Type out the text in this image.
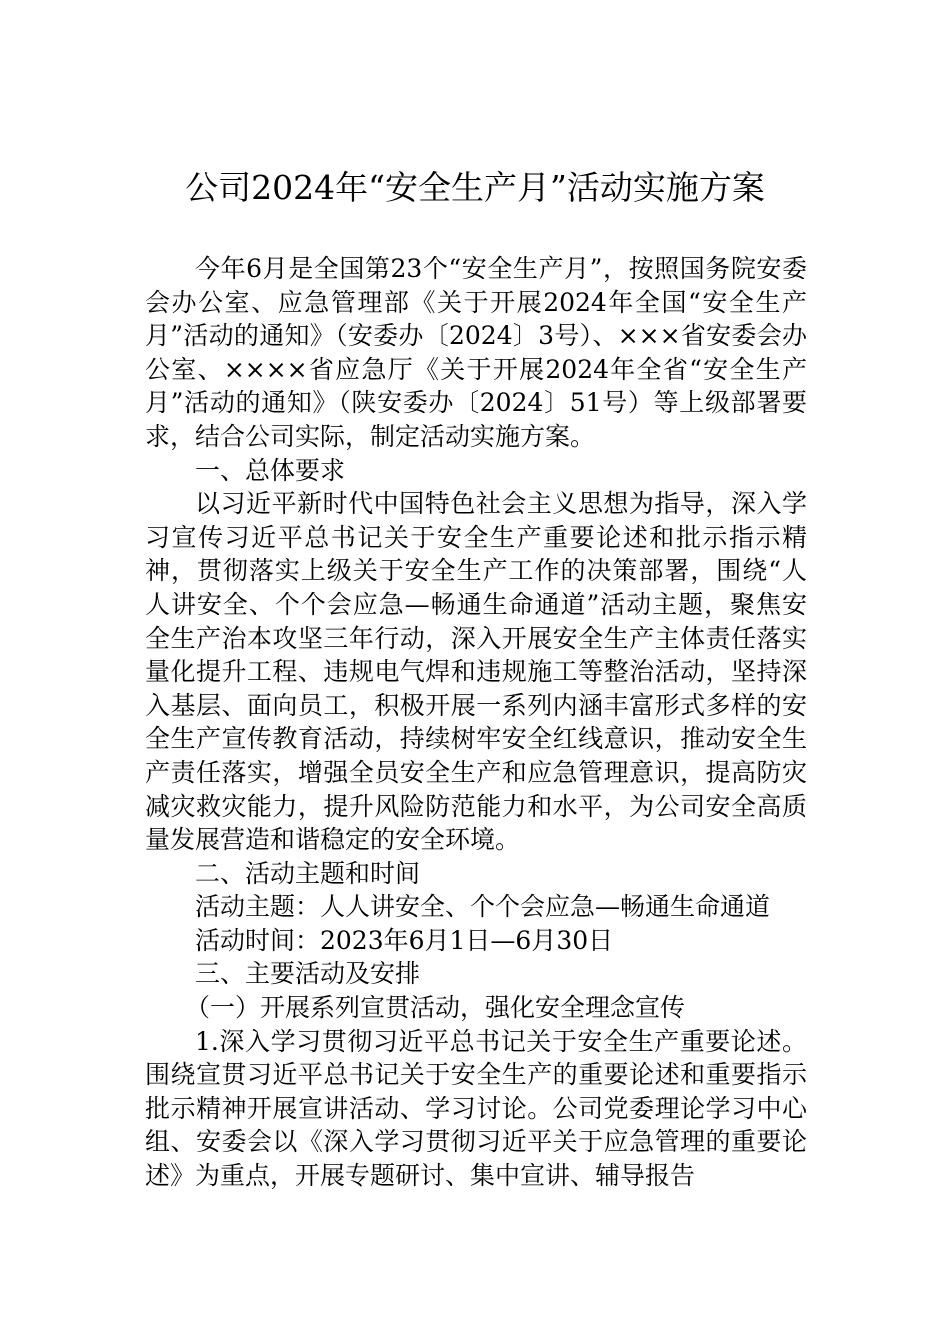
公司2024年“安全生产月”活动实施方案

今年6月是全国第23个“安全生产月”，按照国务院安委会办公室、应急管理部《关于开展2024年全国“安全生产月”活动的通知》（安委办〔2024〕3号）、×××省安委会办公室、××××省应急厅《关于开展2024年全省“安全生产月”活动的通知》（陕安委办〔2024〕51号）等上级部署要求，结合公司实际，制定活动实施方案。

一、总体要求

以习近平新时代中国特色社会主义思想为指导，深入学习宣传习近平总书记关于安全生产重要论述和批示指示精神，贯彻落实上级关于安全生产工作的决策部署，围绕“人人讲安全、个个会应急—畅通生命通道”活动主题，聚焦安全生产治本攻坚三年行动，深入开展安全生产主体责任落实量化提升工程、违规电气焊和违规施工等整治活动，坚持深入基层、面向员工，积极开展一系列内涵丰富形式多样的安全生产宣传教育活动，持续树牢安全红线意识，推动安全生产责任落实，增强全员安全生产和应急管理意识，提高防灾减灾救灾能力，提升风险防范能力和水平，为公司安全高质量发展营造和谐稳定的安全环境。

二、活动主题和时间

活动主题：人人讲安全、个个会应急—畅通生命通道

活动时间：2023年6月1日—6月30日

三、主要活动及安排

（一）开展系列宣贯活动，强化安全理念宣传

1.深入学习贯彻习近平总书记关于安全生产重要论述。围绕宣贯习近平总书记关于安全生产的重要论述和重要指示批示精神开展宣讲活动、学习讨论。公司党委理论学习中心组、安委会以《深入学习贯彻习近平关于应急管理的重要论述》为重点，开展专题研讨、集中宣讲、辅导报告
